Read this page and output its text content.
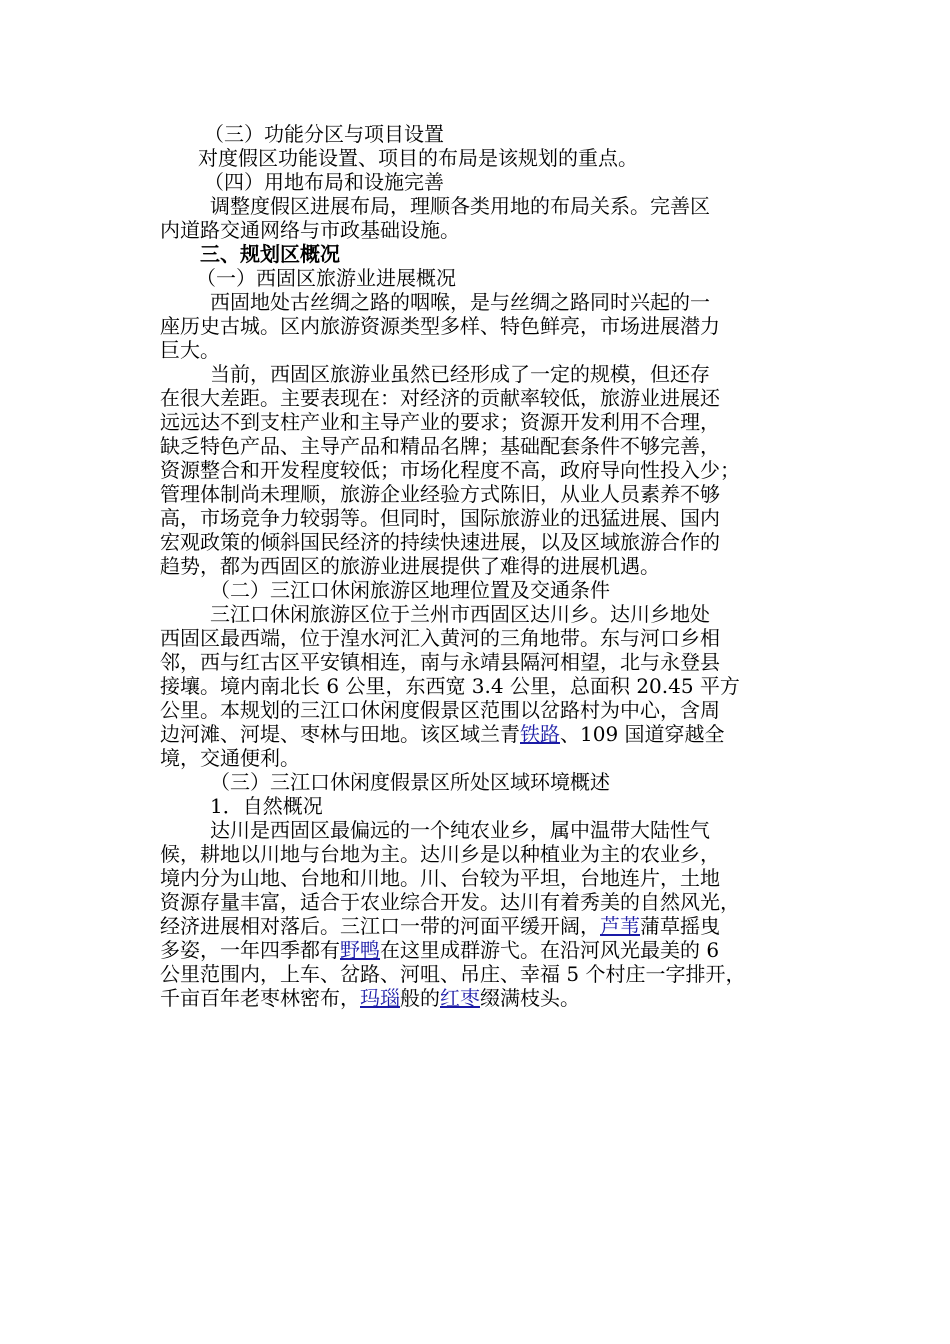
（三）功能分区与项目设置
对度假区功能设置、项目的布局是该规划的重点。
（四）用地布局和设施完善
调整度假区进展布局，理顺各类用地的布局关系。完善区
内道路交通网络与市政基础设施。
三、规划区概况
（一）西固区旅游业进展概况
西固地处古丝绸之路的咽喉，是与丝绸之路同时兴起的一
座历史古城。区内旅游资源类型多样、特色鲜亮，市场进展潜力
巨大。
当前，西固区旅游业虽然已经形成了一定的规模，但还存
在很大差距。主要表现在：对经济的贡献率较低，旅游业进展还
远远达不到支柱产业和主导产业的要求；资源开发利用不合理，
缺乏特色产品、主导产品和精品名牌；基础配套条件不够完善，
资源整合和开发程度较低；市场化程度不高，政府导向性投入少；
管理体制尚未理顺，旅游企业经验方式陈旧，从业人员素养不够
高，市场竞争力较弱等。但同时，国际旅游业的迅猛进展、国内
宏观政策的倾斜国民经济的持续快速进展，以及区域旅游合作的
趋势，都为西固区的旅游业进展提供了难得的进展机遇。
（二）三江口休闲旅游区地理位置及交通条件
三江口休闲旅游区位于兰州市西固区达川乡。达川乡地处
西固区最西端，位于湟水河汇入黄河的三角地带。东与河口乡相
邻，西与红古区平安镇相连，南与永靖县隔河相望，北与永登县
接壤。境内南北长 6 公里，东西宽 3.4 公里，总面积 20.45 平方
公里。本规划的三江口休闲度假景区范围以岔路村为中心，含周
边河滩、河堤、枣林与田地。该区域兰青铁路、109 国道穿越全
境，交通便利。
（三）三江口休闲度假景区所处区域环境概述
1．自然概况
达川是西固区最偏远的一个纯农业乡，属中温带大陆性气
候，耕地以川地与台地为主。达川乡是以种植业为主的农业乡，
境内分为山地、台地和川地。川、台较为平坦，台地连片，土地
资源存量丰富，适合于农业综合开发。达川有着秀美的自然风光，
经济进展相对落后。三江口一带的河面平缓开阔，芦苇蒲草摇曳
多姿，一年四季都有野鸭在这里成群游弋。在沿河风光最美的 6
公里范围内，上车、岔路、河咀、吊庄、幸福 5 个村庄一字排开，
千亩百年老枣林密布，玛瑙般的红枣缀满枝头。
